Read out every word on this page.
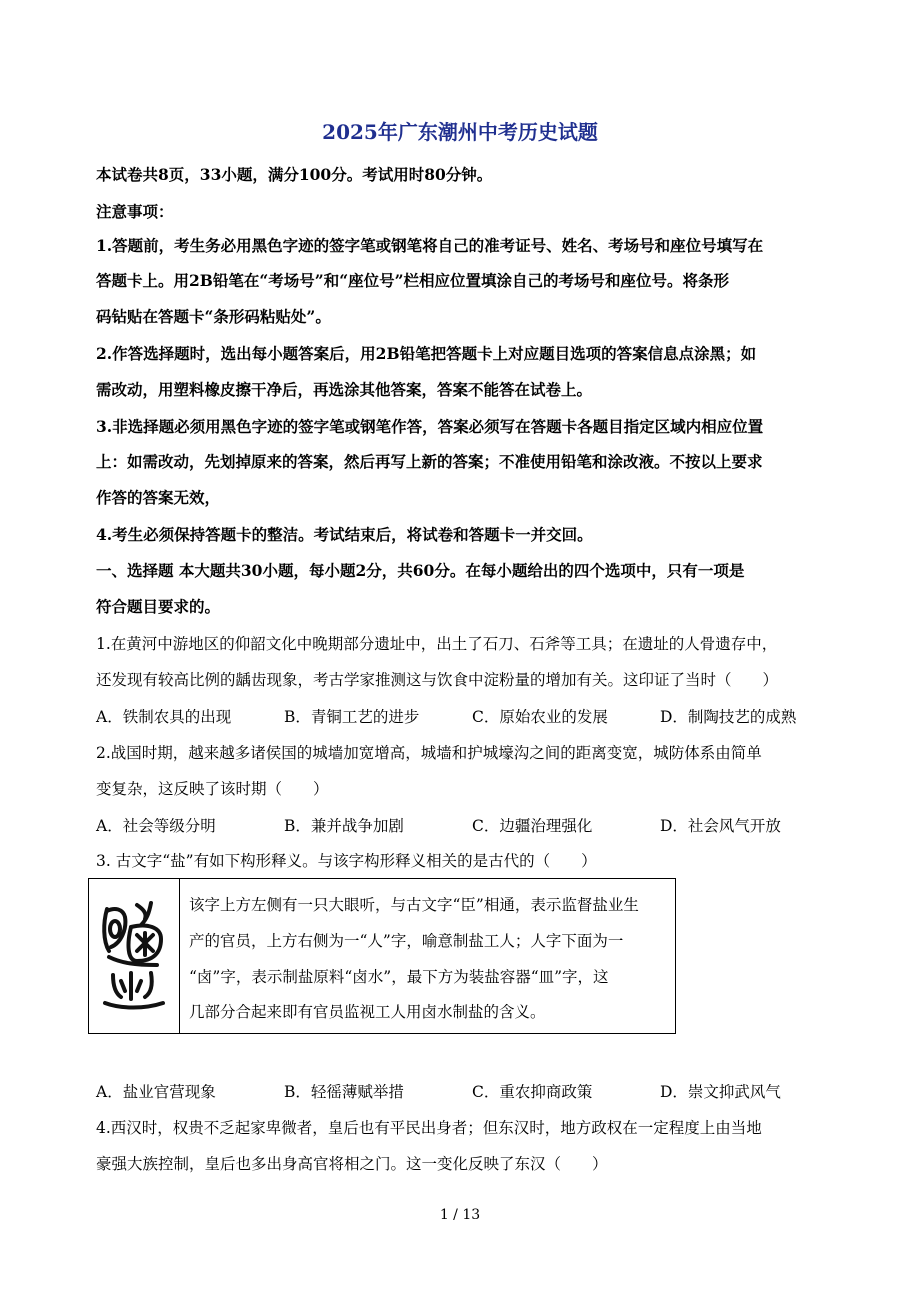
2025年广东潮州中考历史试题
本试卷共8页，33小题，满分100分。考试用时80分钟。
注意事项：
1.答题前，考生务必用黑色字迹的签字笔或钢笔将自己的准考证号、姓名、考场号和座位号填写在
答题卡上。用2B铅笔在“考场号”和“座位号”栏相应位置填涂自己的考场号和座位号。将条形
码钻贴在答题卡“条形码粘贴处”。
2.作答选择题时，选出每小题答案后，用2B铅笔把答题卡上对应题目选项的答案信息点涂黑；如
需改动，用塑料橡皮擦干净后，再选涂其他答案，答案不能答在试卷上。
3.非选择题必须用黑色字迹的签字笔或钢笔作答，答案必须写在答题卡各题目指定区域内相应位置
上：如需改动，先划掉原来的答案，然后再写上新的答案；不准使用铅笔和涂改液。不按以上要求
作答的答案无效，
4.考生必须保持答题卡的整洁。考试结束后，将试卷和答题卡一并交回。
一、选择题 本大题共30小题，每小题2分，共60分。在每小题给出的四个选项中，只有一项是
符合题目要求的。
1.在黄河中游地区的仰韶文化中晚期部分遗址中，出土了石刀、石斧等工具；在遗址的人骨遗存中，
还发现有较高比例的龋齿现象，考古学家推测这与饮食中淀粉量的增加有关。这印证了当时（　　）
A．铁制农具的出现	B．青铜工艺的进步	C．原始农业的发展	D．制陶技艺的成熟
2.战国时期，越来越多诸侯国的城墙加宽增高，城墙和护城壕沟之间的距离变宽，城防体系由简单
变复杂，这反映了该时期（　　）
A．社会等级分明	B．兼并战争加剧	C．边疆治理强化	D．社会风气开放
3. 古文字“盐”有如下构形释义。与该字构形释义相关的是古代的（　　）
该字上方左侧有一只大眼听，与古文字“臣”相通，表示监督盐业生
产的官员，上方右侧为一“人”字，喻意制盐工人；人字下面为一
“卤”字，表示制盐原料“卤水”，最下方为装盐容器“皿”字，这
几部分合起来即有官员监视工人用卤水制盐的含义。
A．盐业官营现象	B．轻徭薄赋举措	C．重农抑商政策	D．崇文抑武风气
4.西汉时，权贵不乏起家卑微者，皇后也有平民出身者；但东汉时，地方政权在一定程度上由当地
豪强大族控制，皇后也多出身高官将相之门。这一变化反映了东汉（　　）
1 / 13
